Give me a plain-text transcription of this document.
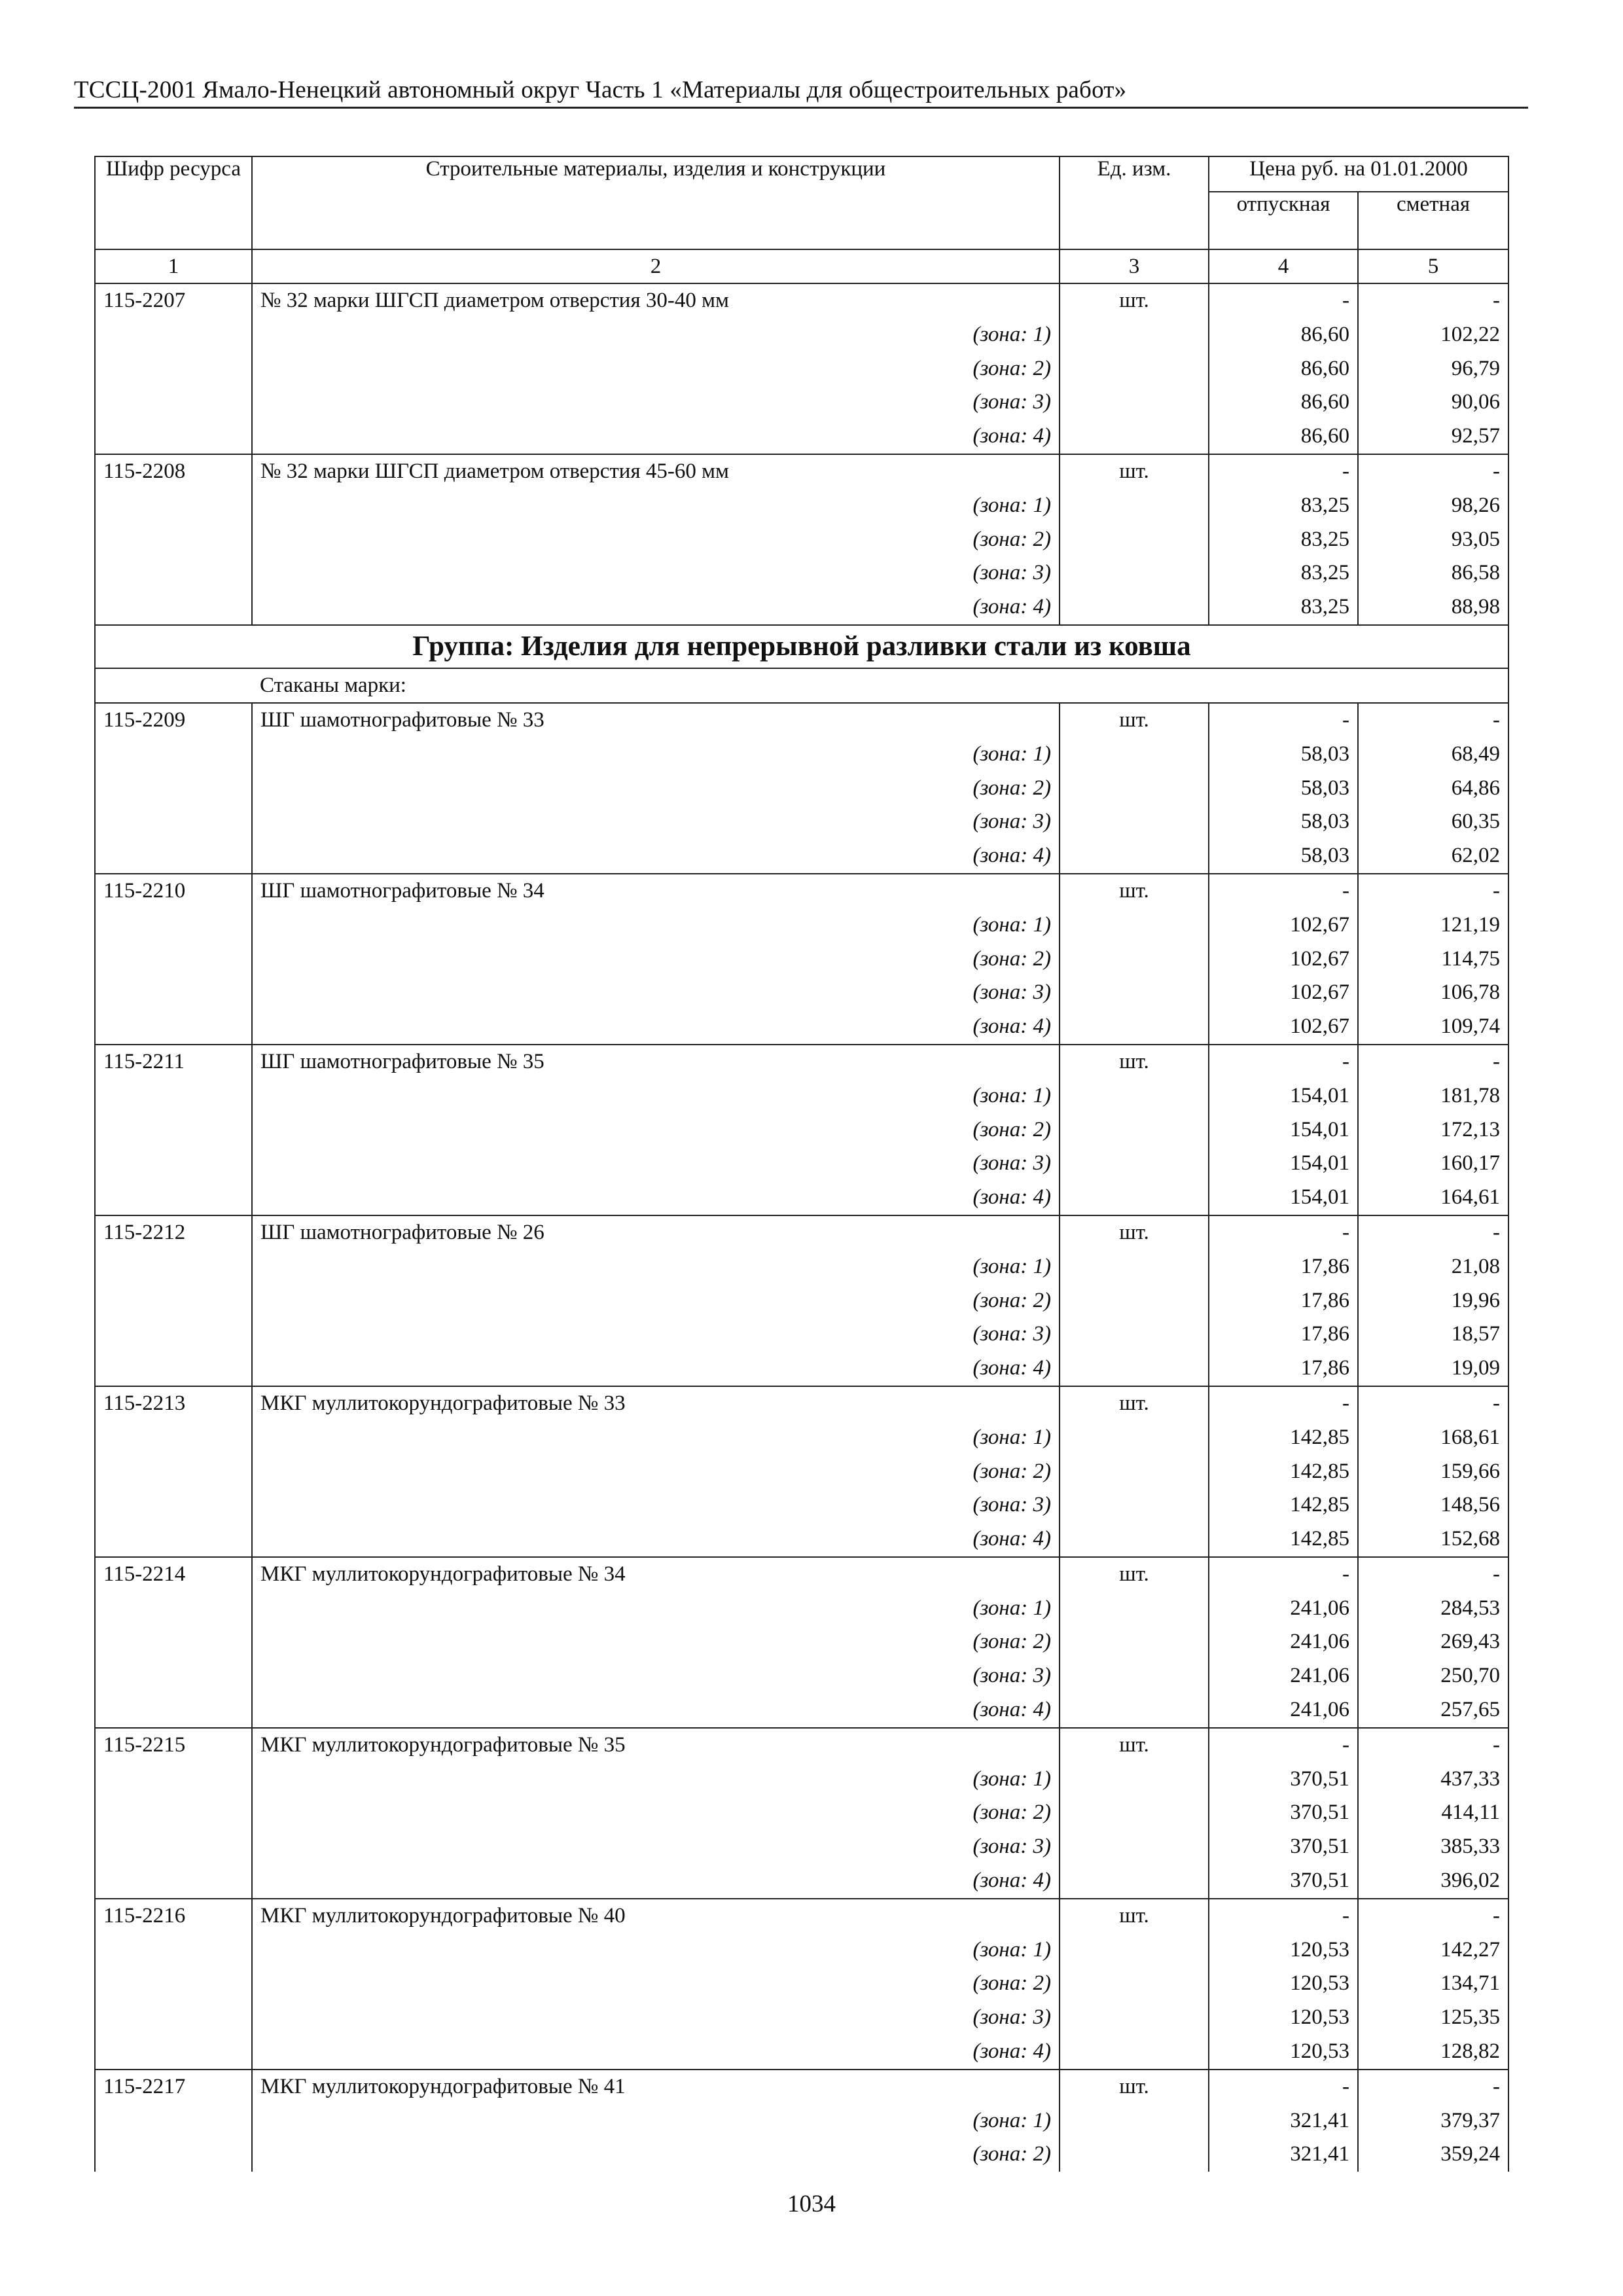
ТССЦ-2001 Ямало-Ненецкий автономный округ Часть 1 «Материалы для общестроительных работ»
Шифр ресурса	Строительные материалы, изделия и конструкции	Ед. изм.	Цена руб. на 01.01.2000	
			отпускная	сметная
1	2	3	4	5
115-2207	№ 32 марки ШГСП диаметром отверстия 30-40 мм	шт.	-	-
	(зона: 1)		86,60	102,22
	(зона: 2)		86,60	96,79
	(зона: 3)		86,60	90,06
	(зона: 4)		86,60	92,57
115-2208	№ 32 марки ШГСП диаметром отверстия 45-60 мм	шт.	-	-
	(зона: 1)		83,25	98,26
	(зона: 2)		83,25	93,05
	(зона: 3)		83,25	86,58
	(зона: 4)		83,25	88,98
Группа: Изделия для непрерывной разливки стали из ковша				
	Стаканы марки:			
115-2209	ШГ шамотнографитовые № 33	шт.	-	-
	(зона: 1)		58,03	68,49
	(зона: 2)		58,03	64,86
	(зона: 3)		58,03	60,35
	(зона: 4)		58,03	62,02
115-2210	ШГ шамотнографитовые № 34	шт.	-	-
	(зона: 1)		102,67	121,19
	(зона: 2)		102,67	114,75
	(зона: 3)		102,67	106,78
	(зона: 4)		102,67	109,74
115-2211	ШГ шамотнографитовые № 35	шт.	-	-
	(зона: 1)		154,01	181,78
	(зона: 2)		154,01	172,13
	(зона: 3)		154,01	160,17
	(зона: 4)		154,01	164,61
115-2212	ШГ шамотнографитовые № 26	шт.	-	-
	(зона: 1)		17,86	21,08
	(зона: 2)		17,86	19,96
	(зона: 3)		17,86	18,57
	(зона: 4)		17,86	19,09
115-2213	МКГ муллитокорундографитовые № 33	шт.	-	-
	(зона: 1)		142,85	168,61
	(зона: 2)		142,85	159,66
	(зона: 3)		142,85	148,56
	(зона: 4)		142,85	152,68
115-2214	МКГ муллитокорундографитовые № 34	шт.	-	-
	(зона: 1)		241,06	284,53
	(зона: 2)		241,06	269,43
	(зона: 3)		241,06	250,70
	(зона: 4)		241,06	257,65
115-2215	МКГ муллитокорундографитовые № 35	шт.	-	-
	(зона: 1)		370,51	437,33
	(зона: 2)		370,51	414,11
	(зона: 3)		370,51	385,33
	(зона: 4)		370,51	396,02
115-2216	МКГ муллитокорундографитовые № 40	шт.	-	-
	(зона: 1)		120,53	142,27
	(зона: 2)		120,53	134,71
	(зона: 3)		120,53	125,35
	(зона: 4)		120,53	128,82
115-2217	МКГ муллитокорундографитовые № 41	шт.	-	-
	(зона: 1)		321,41	379,37
	(зона: 2)		321,41	359,24
1034
